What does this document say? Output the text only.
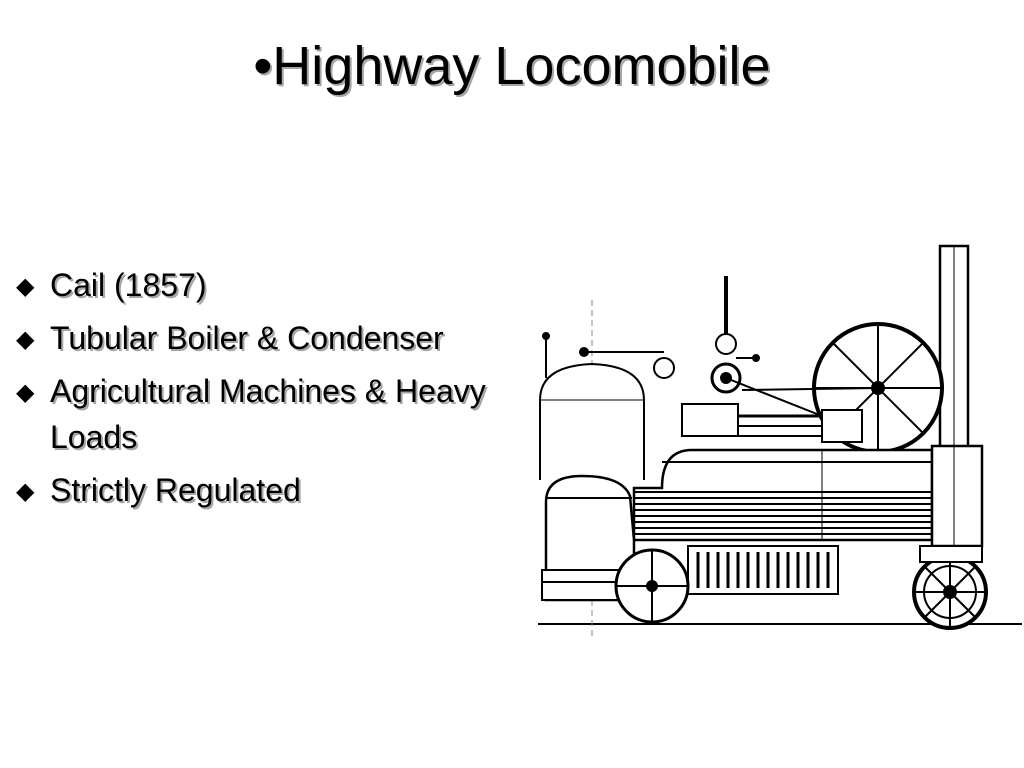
•Highway Locomobile
◆ Cail (1857)
◆ Tubular Boiler & Condenser
◆ Agricultural Machines & Heavy Loads
◆ Strictly Regulated
